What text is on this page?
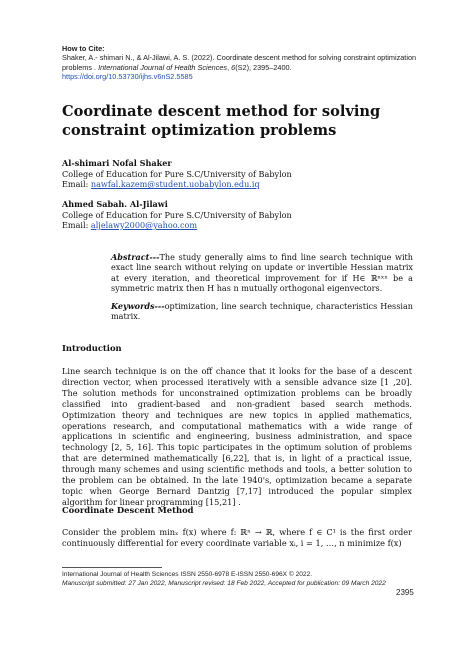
How to Cite:
Shaker, A.- shimari N., & Al-Jilawi, A. S. (2022). Coordinate descent method for solving constraint optimization problems . International Journal of Health Sciences, 6(S2), 2395–2400. https://doi.org/10.53730/ijhs.v6nS2.5585
Coordinate descent method for solving constraint optimization problems
Al-shimari Nofal Shaker
College of Education for Pure S.C/University of Babylon
Email: nawfal.kazem@student.uobabylon.edu.iq
Ahmed Sabah. Al-Jilawi
College of Education for Pure S.C/University of Babylon
Email: aljelawy2000@yahoo.com
Abstract---The study generally aims to find line search technique with exact line search without relying on update or invertible Hessian matrix at every iteration, and theoretical improvement for if H∈ ℝⁿˣⁿ be a symmetric matrix then H has n mutually orthogonal eigenvectors.
Keywords---optimization, line search technique, characteristics Hessian matrix.
Introduction

Line search technique is on the off chance that it looks for the base of a descent direction vector, when processed iteratively with a sensible advance size [1 ,20]. The solution methods for unconstrained optimization problems can be broadly classified into gradient-based and non-gradient based search methods. Optimization theory and techniques are new topics in applied mathematics, operations research, and computational mathematics with a wide range of applications in scientific and engineering, business administration, and space technology [2, 5, 16]. This topic participates in the optimum solution of problems that are determined mathematically [6,22], that is, in light of a practical issue, through many schemes and using scientific methods and tools, a better solution to the problem can be obtained. In the late 1940's, optimization became a separate topic when George Bernard Dantzig [7,17] introduced the popular simplex algorithm for linear programming [15,21] .

Coordinate Descent Method

Consider the problem minₓ f(x) where f: ℝⁿ → ℝ, where f ∈ C¹ is the first order continuously differential for every coordinate variable xᵢ, i = 1, …, n minimize f(x)

International Journal of Health Sciences ISSN 2550-6978 E-ISSN 2550-696X © 2022.
Manuscript submitted: 27 Jan 2022, Manuscript revised: 18 Feb 2022, Accepted for publication: 09 March 2022
2395
